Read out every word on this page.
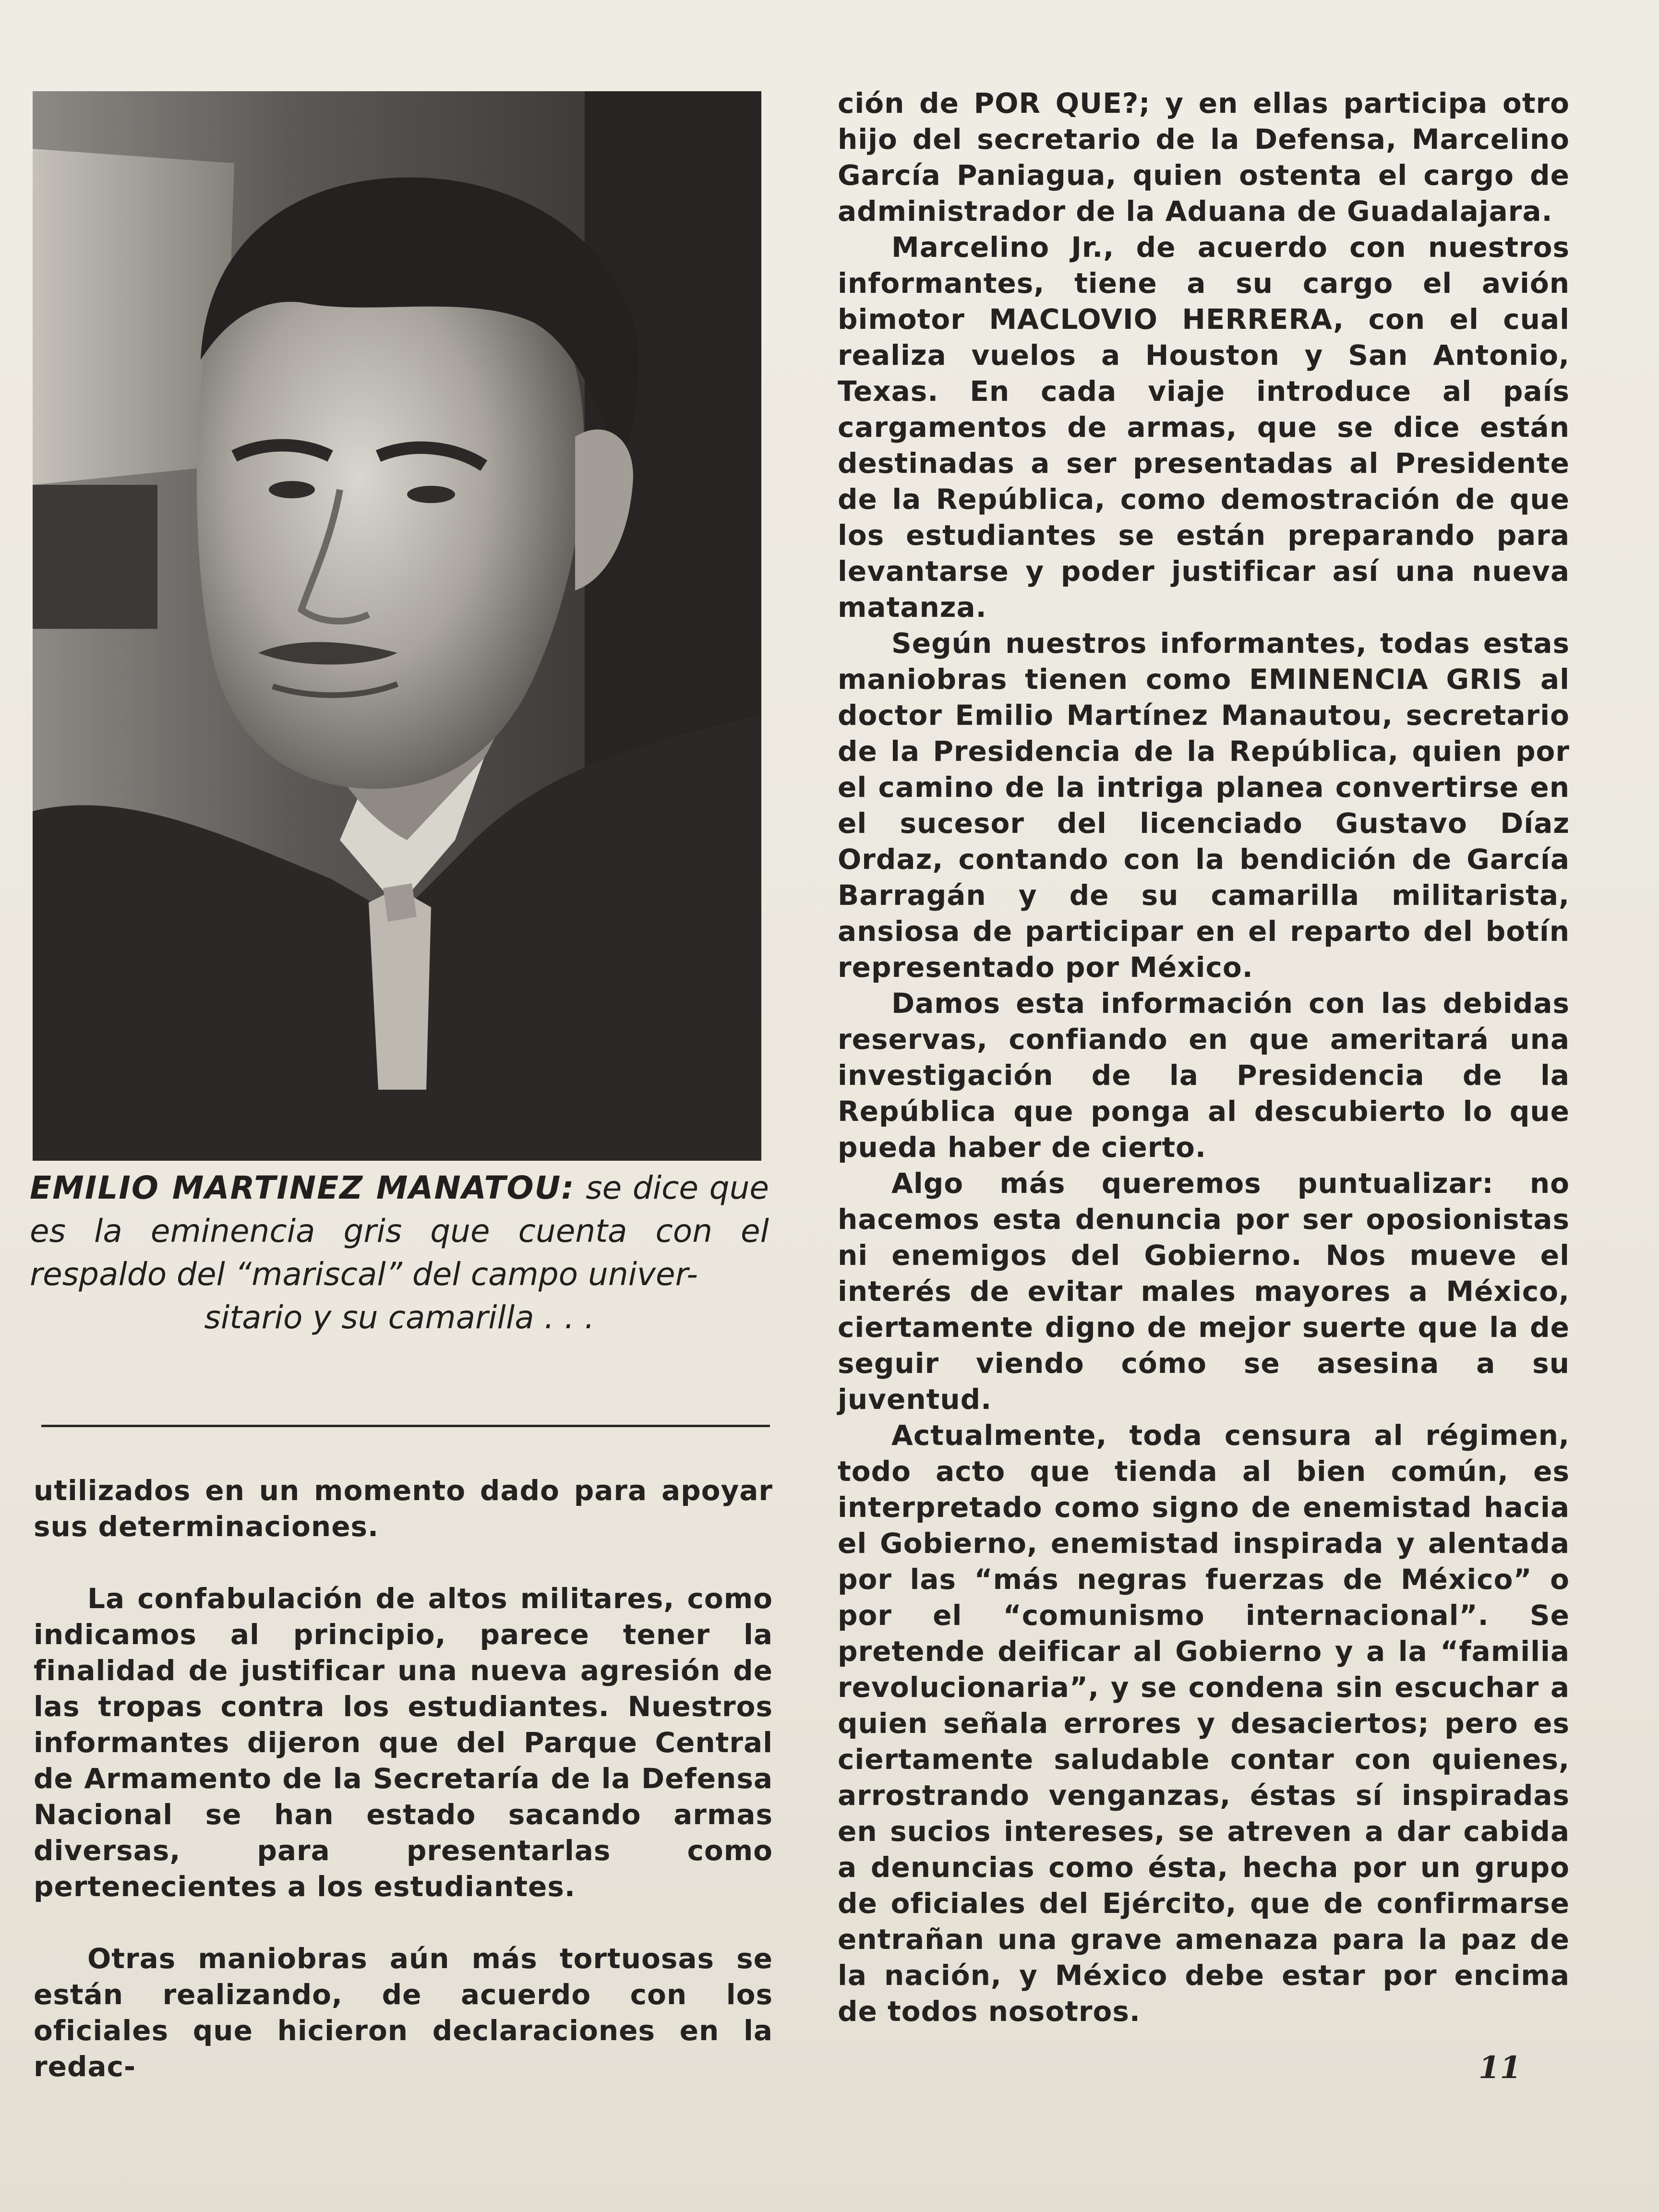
EMILIO MARTINEZ MANATOU: se dice que es la eminencia gris que cuenta con el respaldo del “mariscal” del campo univer-
sitario y su camarilla . . .

utilizados en un momento dado para apoyar sus determinaciones.

La confabulación de altos militares, como indicamos al principio, parece tener la finalidad de justificar una nueva agresión de las tropas contra los estudiantes. Nuestros informantes dijeron que del Parque Central de Armamento de la Secretaría de la Defensa Nacional se han estado sacando armas diversas, para presentarlas como pertenecientes a los estudiantes.

Otras maniobras aún más tortuosas se están realizando, de acuerdo con los oficiales que hicieron declaraciones en la redac-

ción de POR QUE?; y en ellas participa otro hijo del secretario de la Defensa, Marcelino García Paniagua, quien ostenta el cargo de administrador de la Aduana de Guadalajara.

Marcelino Jr., de acuerdo con nuestros informantes, tiene a su cargo el avión bimotor MACLOVIO HERRERA, con el cual realiza vuelos a Houston y San Antonio, Texas. En cada viaje introduce al país cargamentos de armas, que se dice están destinadas a ser presentadas al Presidente de la República, como demostración de que los estudiantes se están preparando para levantarse y poder justificar así una nueva matanza.

Según nuestros informantes, todas estas maniobras tienen como EMINENCIA GRIS al doctor Emilio Martínez Manautou, secretario de la Presidencia de la República, quien por el camino de la intriga planea convertirse en el sucesor del licenciado Gustavo Díaz Ordaz, contando con la bendición de García Barragán y de su camarilla militarista, ansiosa de participar en el reparto del botín representado por México.

Damos esta información con las debidas reservas, confiando en que ameritará una investigación de la Presidencia de la República que ponga al descubierto lo que pueda haber de cierto.

Algo más queremos puntualizar: no hacemos esta denuncia por ser oposionistas ni enemigos del Gobierno. Nos mueve el interés de evitar males mayores a México, ciertamente digno de mejor suerte que la de seguir viendo cómo se asesina a su juventud.

Actualmente, toda censura al régimen, todo acto que tienda al bien común, es interpretado como signo de enemistad hacia el Gobierno, enemistad inspirada y alentada por las “más negras fuerzas de México” o por el “comunismo internacional”. Se pretende deificar al Gobierno y a la “familia revolucionaria”, y se condena sin escuchar a quien señala errores y desaciertos; pero es ciertamente saludable contar con quienes, arrostrando venganzas, éstas sí inspiradas en sucios intereses, se atreven a dar cabida a denuncias como ésta, hecha por un grupo de oficiales del Ejército, que de confirmarse entrañan una grave amenaza para la paz de la nación, y México debe estar por encima de todos nosotros.

11
